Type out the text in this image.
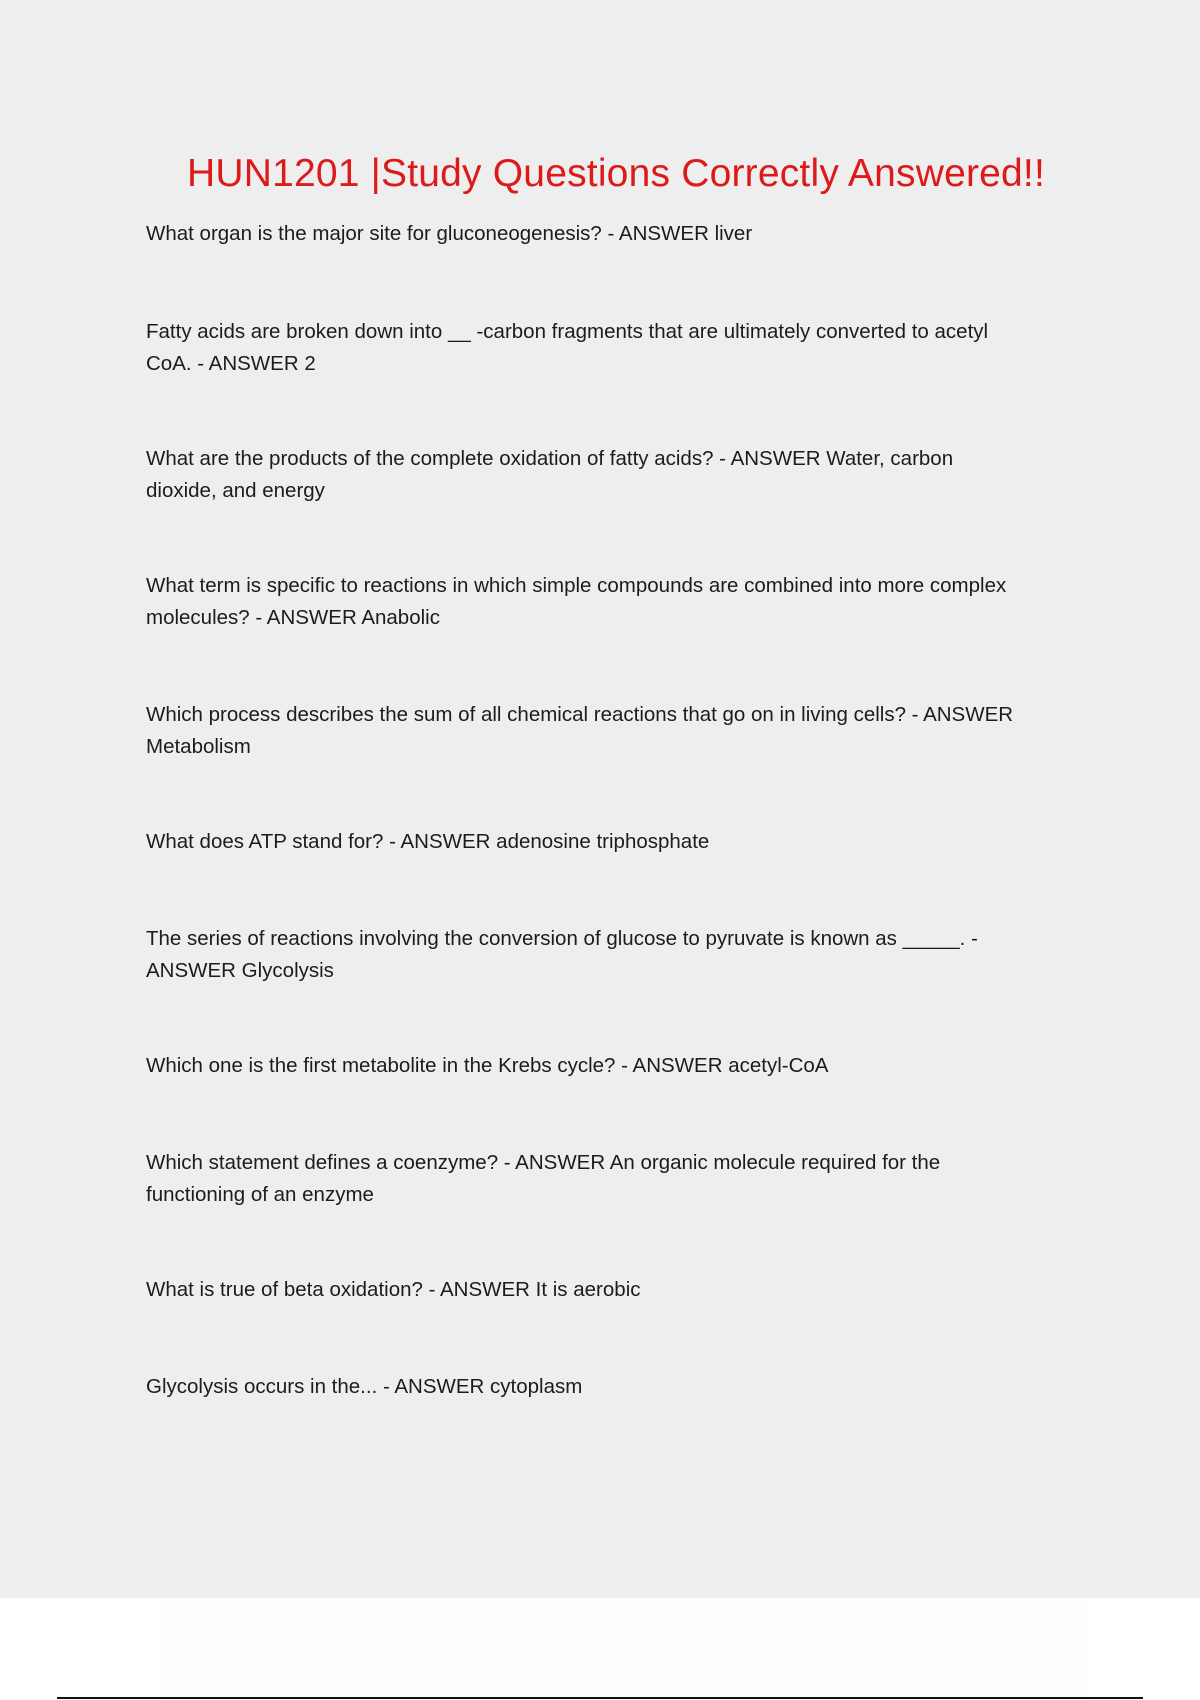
HUN1201 |Study Questions Correctly Answered!!
What organ is the major site for gluconeogenesis? - ANSWER liver
Fatty acids are broken down into __ -carbon fragments that are ultimately converted to acetyl
CoA. - ANSWER 2
What are the products of the complete oxidation of fatty acids? - ANSWER Water, carbon
dioxide, and energy
What term is specific to reactions in which simple compounds are combined into more complex
molecules? - ANSWER Anabolic
Which process describes the sum of all chemical reactions that go on in living cells? - ANSWER
Metabolism
What does ATP stand for? - ANSWER adenosine triphosphate
The series of reactions involving the conversion of glucose to pyruvate is known as _____. -
ANSWER Glycolysis
Which one is the first metabolite in the Krebs cycle? - ANSWER acetyl-CoA
Which statement defines a coenzyme? - ANSWER An organic molecule required for the
functioning of an enzyme
What is true of beta oxidation? - ANSWER It is aerobic
Glycolysis occurs in the... - ANSWER cytoplasm
